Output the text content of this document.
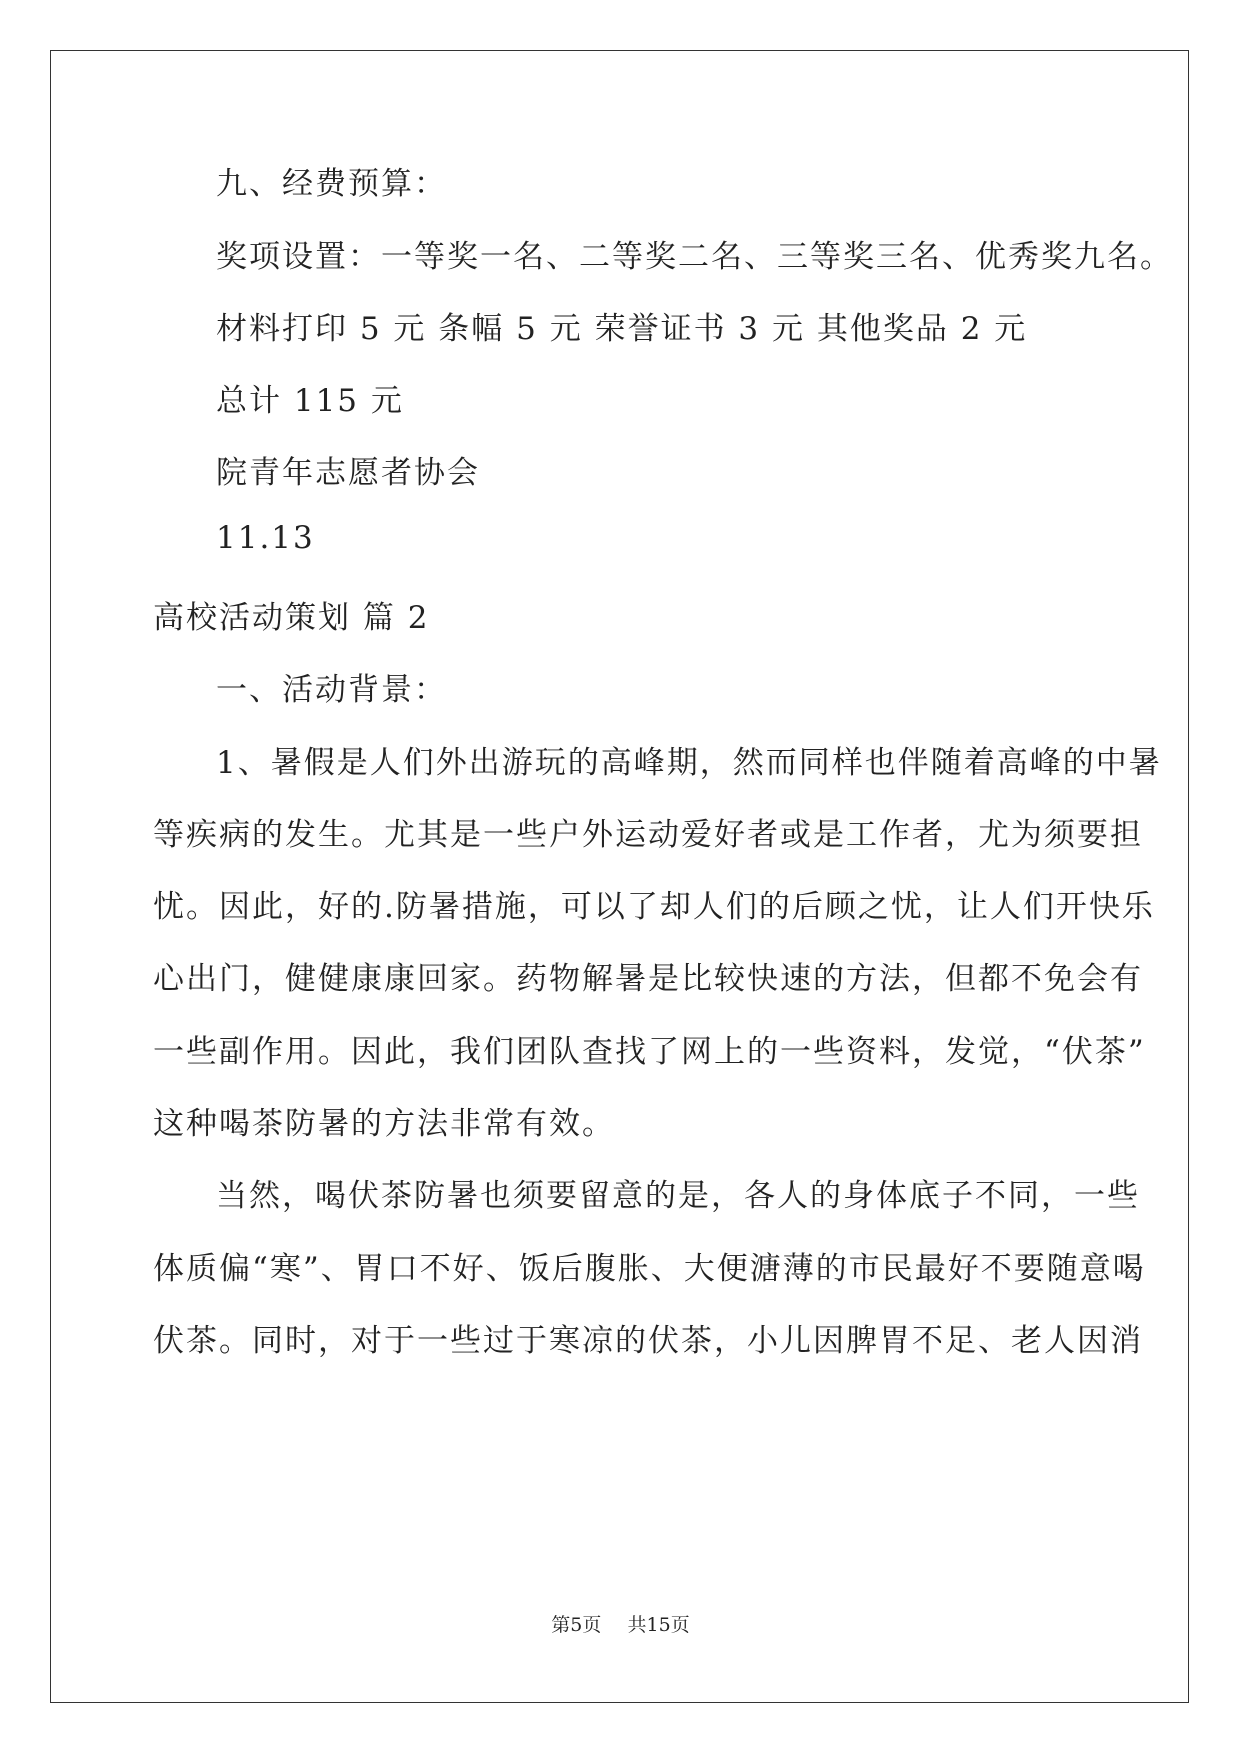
九、经费预算：
奖项设置：一等奖一名、二等奖二名、三等奖三名、优秀奖九名。
材料打印 5 元 条幅 5 元 荣誉证书 3 元 其他奖品 2 元
总计 115 元
院青年志愿者协会
11.13
高校活动策划 篇 2
一、活动背景：
1、暑假是人们外出游玩的高峰期，然而同样也伴随着高峰的中暑
等疾病的发生。尤其是一些户外运动爱好者或是工作者，尤为须要担
忧。因此，好的.防暑措施，可以了却人们的后顾之忧，让人们开快乐
心出门，健健康康回家。药物解暑是比较快速的方法，但都不免会有
一些副作用。因此，我们团队查找了网上的一些资料，发觉，“伏茶”
这种喝茶防暑的方法非常有效。
当然，喝伏茶防暑也须要留意的是，各人的身体底子不同，一些
体质偏“寒”、胃口不好、饭后腹胀、大便溏薄的市民最好不要随意喝
伏茶。同时，对于一些过于寒凉的伏茶，小儿因脾胃不足、老人因消
第5页 共15页
